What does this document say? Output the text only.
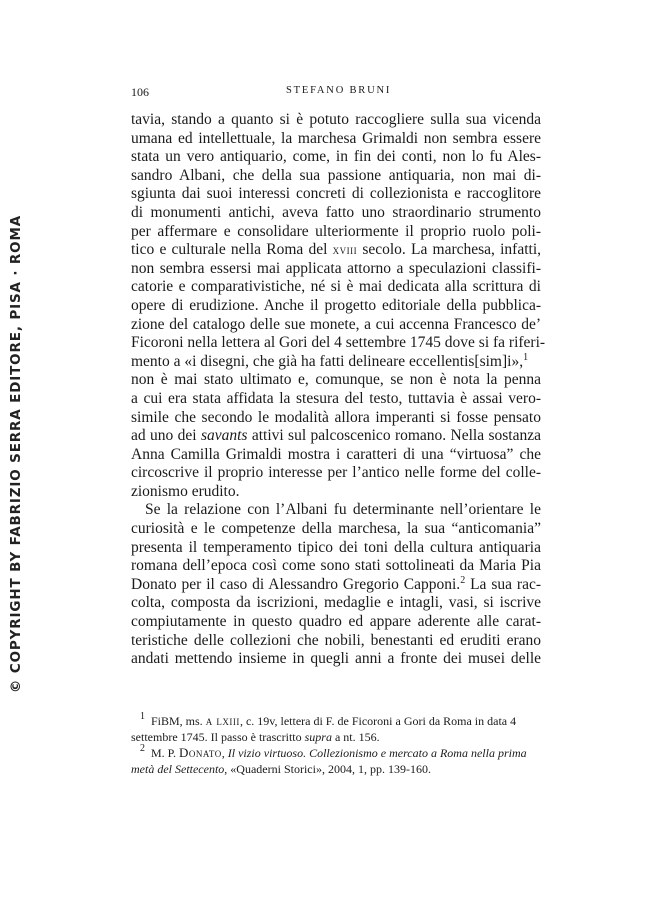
106	STEFANO BRUNI
© COPYRIGHT BY FABRIZIO SERRA EDITORE, PISA · ROMA
tavia, stando a quanto si è potuto raccogliere sulla sua vicenda
umana ed intellettuale, la marchesa Grimaldi non sembra essere
stata un vero antiquario, come, in fin dei conti, non lo fu Ales-
sandro Albani, che della sua passione antiquaria, non mai di-
sgiunta dai suoi interessi concreti di collezionista e raccoglitore
di monumenti antichi, aveva fatto uno straordinario strumento
per affermare e consolidare ulteriormente il proprio ruolo poli-
tico e culturale nella Roma del xviii secolo. La marchesa, infatti,
non sembra essersi mai applicata attorno a speculazioni classifi-
catorie e comparativistiche, né si è mai dedicata alla scrittura di
opere di erudizione. Anche il progetto editoriale della pubblica-
zione del catalogo delle sue monete, a cui accenna Francesco de’
Ficoroni nella lettera al Gori del 4 settembre 1745 dove si fa riferi-
mento a «i disegni, che già ha fatti delineare eccellentis[sim]i»,$^1$
non è mai stato ultimato e, comunque, se non è nota la penna
a cui era stata affidata la stesura del testo, tuttavia è assai vero-
simile che secondo le modalità allora imperanti si fosse pensato
ad uno dei savants attivi sul palcoscenico romano. Nella sostanza
Anna Camilla Grimaldi mostra i caratteri di una “virtuosa” che
circoscrive il proprio interesse per l’antico nelle forme del colle-
zionismo erudito.
Se la relazione con l’Albani fu determinante nell’orientare le
curiosità e le competenze della marchesa, la sua “anticomania”
presenta il temperamento tipico dei toni della cultura antiquaria
romana dell’epoca così come sono stati sottolineati da Maria Pia
Donato per il caso di Alessandro Gregorio Capponi.$^2$ La sua rac-
colta, composta da iscrizioni, medaglie e intagli, vasi, si iscrive
compiutamente in questo quadro ed appare aderente alle carat-
teristiche delle collezioni che nobili, benestanti ed eruditi erano
andati mettendo insieme in quegli anni a fronte dei musei delle
$^1$ FiBM, ms. a lxiii, c. 19v, lettera di F. de Ficoroni a Gori da Roma in data 4
settembre 1745. Il passo è trascritto supra a nt. 156.
$^2$ M. P. Donato, Il vizio virtuoso. Collezionismo e mercato a Roma nella prima
metà del Settecento, «Quaderni Storici», 2004, 1, pp. 139-160.
